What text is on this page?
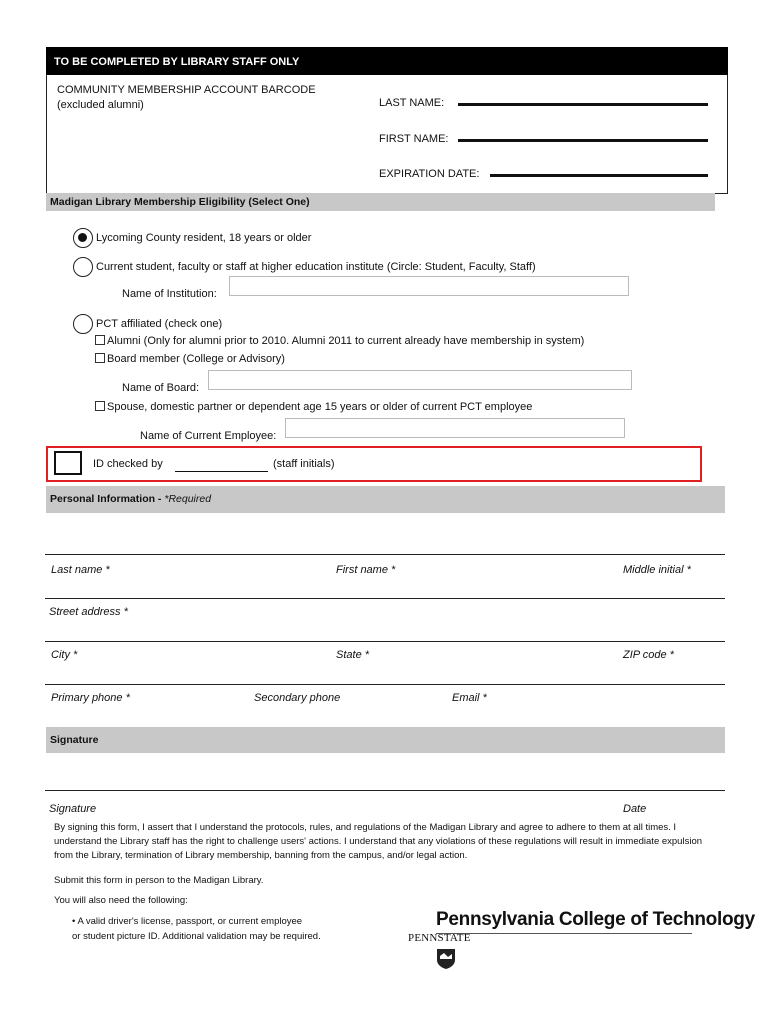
TO BE COMPLETED BY LIBRARY STAFF ONLY
COMMUNITY MEMBERSHIP ACCOUNT BARCODE
(excluded alumni)	LAST NAME:
FIRST NAME:
EXPIRATION DATE:
Madigan Library Membership Eligibility (Select One)
Lycoming County resident, 18 years or older
Current student, faculty or staff at higher education institute (Circle: Student, Faculty, Staff)
Name of Institution:
PCT affiliated (check one)
Alumni (Only for alumni prior to 2010. Alumni 2011 to current already have membership in system)
Board member (College or Advisory)
Name of Board:
Spouse, domestic partner or dependent age 15 years or older of current PCT employee
Name of Current Employee:
ID checked by	(staff initials)
Personal Information - *Required
Last name *	First name *	Middle initial *
Street address *
City *	State *	ZIP code *
Primary phone *	Secondary phone	Email *
Signature
Signature	Date
By signing this form, I assert that I understand the protocols, rules, and regulations of the Madigan Library and agree to adhere to them at all times. I understand the Library staff has the right to challenge users' actions. I understand that any violations of these regulations will result in immediate expulsion from the Library, termination of Library membership, banning from the campus, and/or legal action.
Submit this form in person to the Madigan Library.
You will also need the following:
• A valid driver's license, passport, or current employee
or student picture ID. Additional validation may be required.
Pennsylvania College of Technology
PENNSTATE
